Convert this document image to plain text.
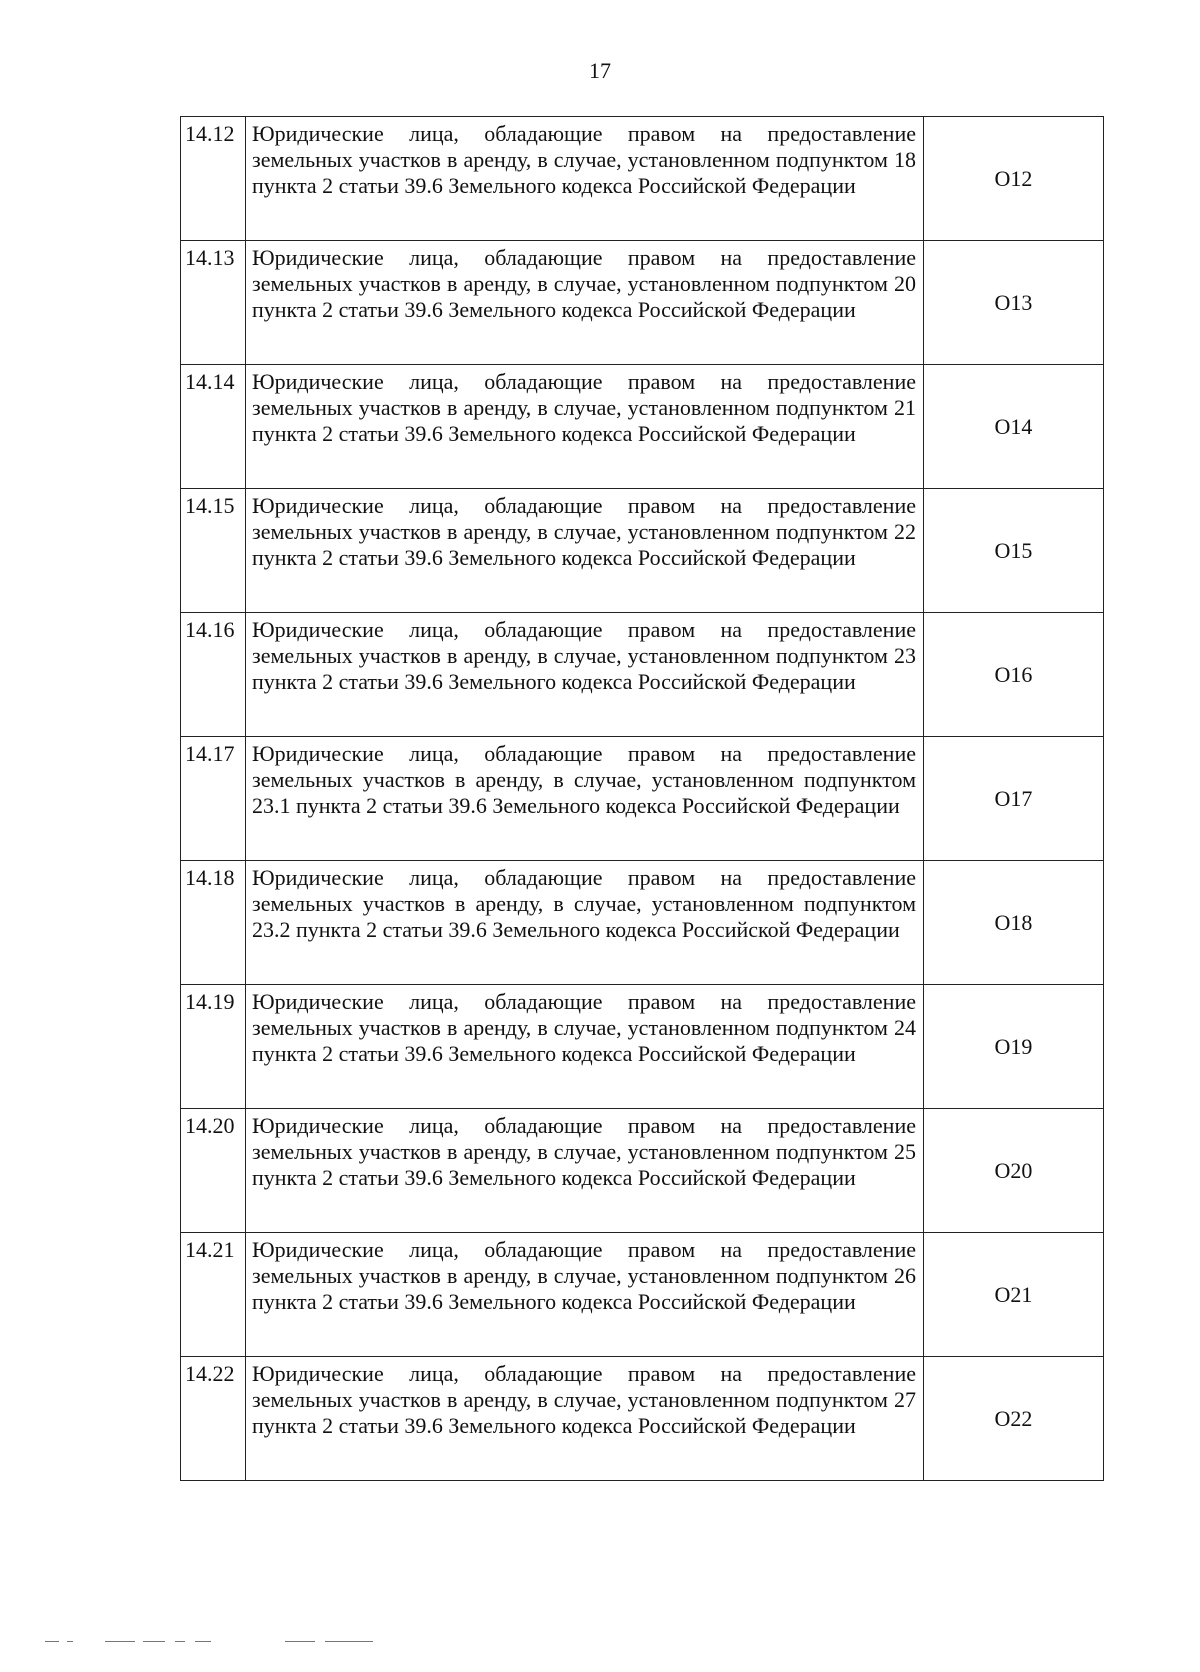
17
14.12	Юридические лица, обладающие правом на предоставление земельных участков в аренду, в случае, установленном подпунктом 18 пункта 2 статьи 39.6 Земельного кодекса Российской Федерации	O12
14.13	Юридические лица, обладающие правом на предоставление земельных участков в аренду, в случае, установленном подпунктом 20 пункта 2 статьи 39.6 Земельного кодекса Российской Федерации	O13
14.14	Юридические лица, обладающие правом на предоставление земельных участков в аренду, в случае, установленном подпунктом 21 пункта 2 статьи 39.6 Земельного кодекса Российской Федерации	O14
14.15	Юридические лица, обладающие правом на предоставление земельных участков в аренду, в случае, установленном подпунктом 22 пункта 2 статьи 39.6 Земельного кодекса Российской Федерации	O15
14.16	Юридические лица, обладающие правом на предоставление земельных участков в аренду, в случае, установленном подпунктом 23 пункта 2 статьи 39.6 Земельного кодекса Российской Федерации	O16
14.17	Юридические лица, обладающие правом на предоставление земельных участков в аренду, в случае, установленном подпунктом 23.1 пункта 2 статьи 39.6 Земельного кодекса Российской Федерации	O17
14.18	Юридические лица, обладающие правом на предоставление земельных участков в аренду, в случае, установленном подпунктом 23.2 пункта 2 статьи 39.6 Земельного кодекса Российской Федерации	O18
14.19	Юридические лица, обладающие правом на предоставление земельных участков в аренду, в случае, установленном подпунктом 24 пункта 2 статьи 39.6 Земельного кодекса Российской Федерации	O19
14.20	Юридические лица, обладающие правом на предоставление земельных участков в аренду, в случае, установленном подпунктом 25 пункта 2 статьи 39.6 Земельного кодекса Российской Федерации	O20
14.21	Юридические лица, обладающие правом на предоставление земельных участков в аренду, в случае, установленном подпунктом 26 пункта 2 статьи 39.6 Земельного кодекса Российской Федерации	O21
14.22	Юридические лица, обладающие правом на предоставление земельных участков в аренду, в случае, установленном подпунктом 27 пункта 2 статьи 39.6 Земельного кодекса Российской Федерации	O22
